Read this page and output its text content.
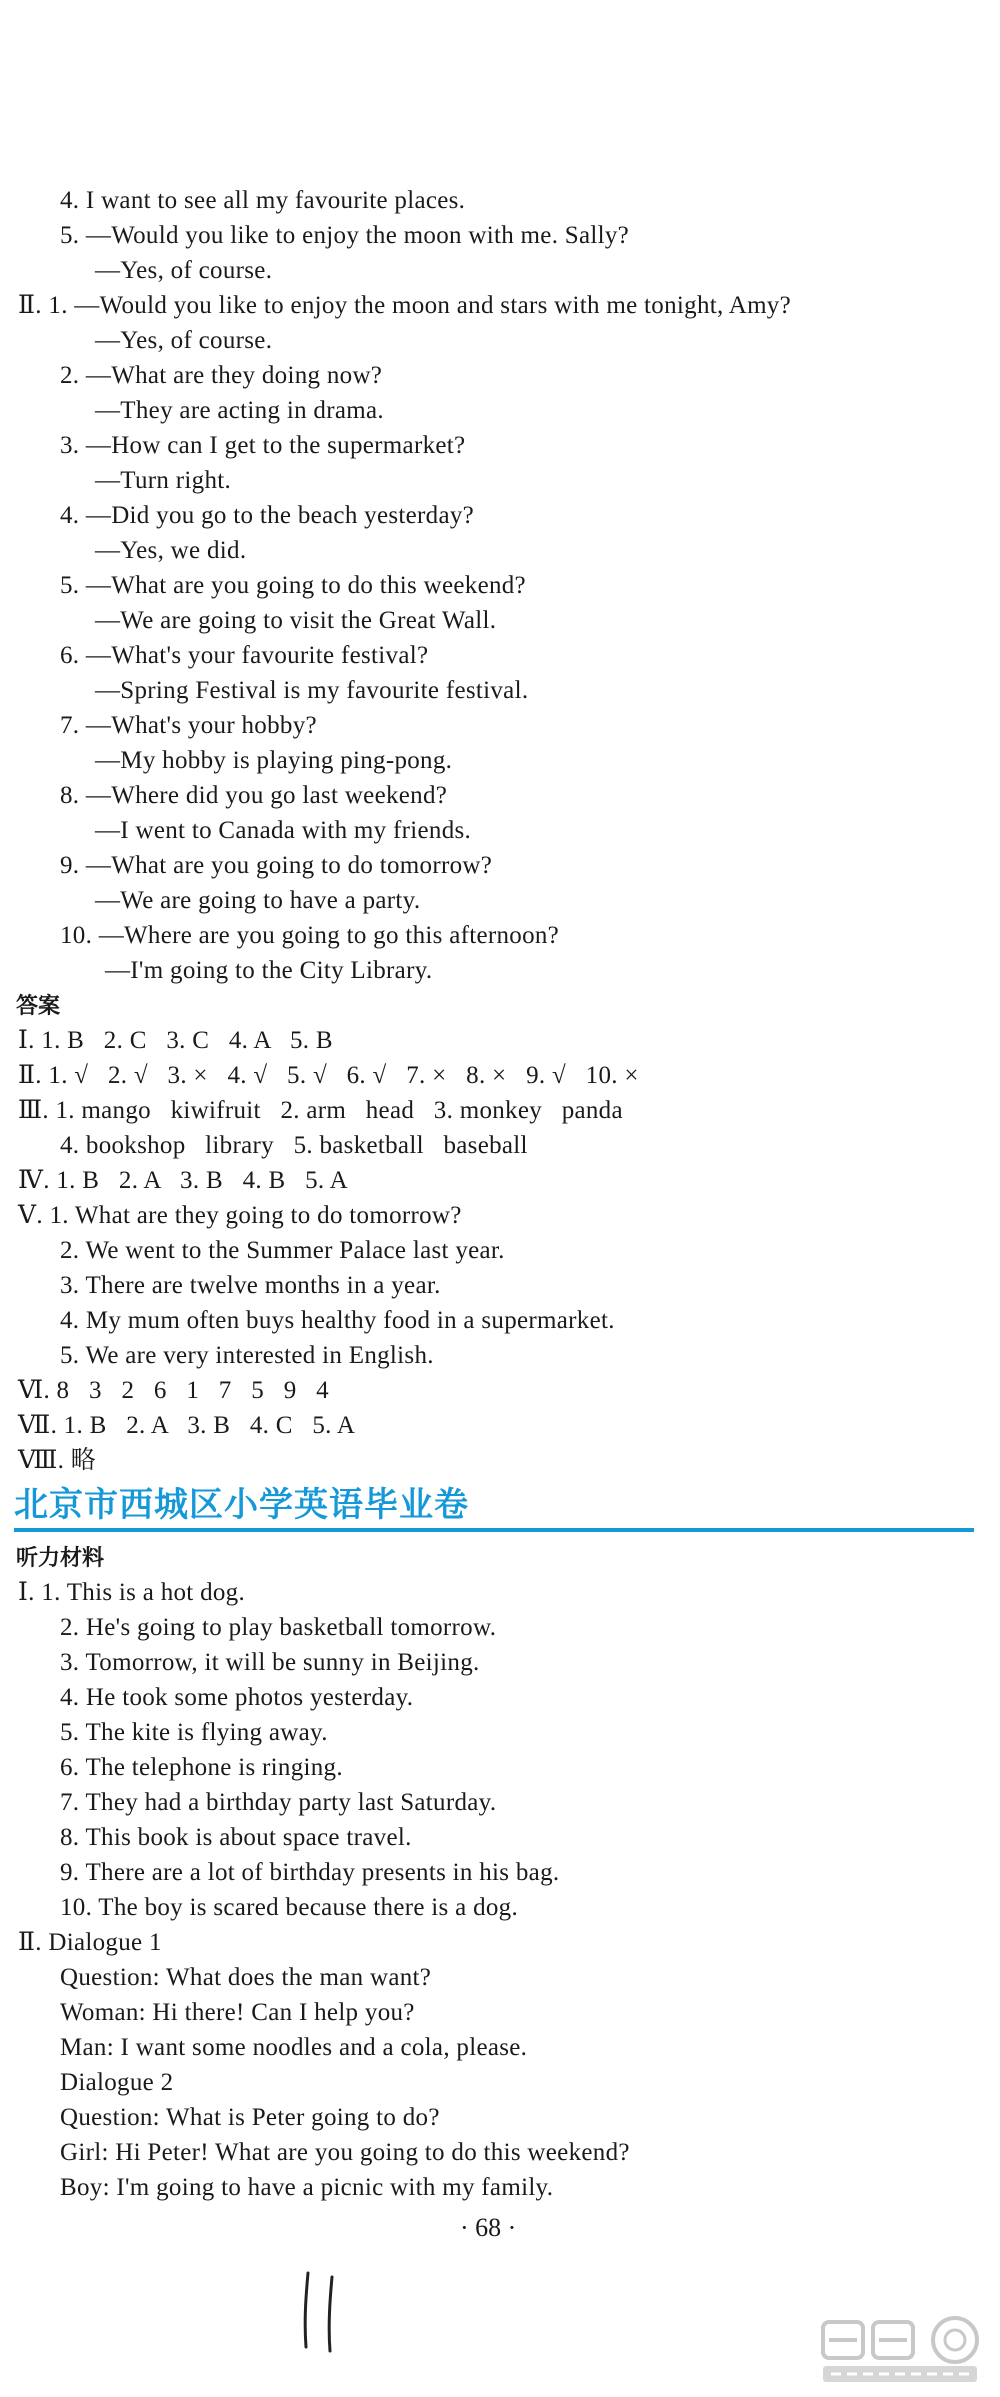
4. I want to see all my favourite places.
5. —Would you like to enjoy the moon with me. Sally?
—Yes, of course.
Ⅱ. 1. —Would you like to enjoy the moon and stars with me tonight, Amy?
—Yes, of course.
2. —What are they doing now?
—They are acting in drama.
3. —How can I get to the supermarket?
—Turn right.
4. —Did you go to the beach yesterday?
—Yes, we did.
5. —What are you going to do this weekend?
—We are going to visit the Great Wall.
6. —What's your favourite festival?
—Spring Festival is my favourite festival.
7. —What's your hobby?
—My hobby is playing ping-pong.
8. —Where did you go last weekend?
—I went to Canada with my friends.
9. —What are you going to do tomorrow?
—We are going to have a party.
10. —Where are you going to go this afternoon?
—I'm going to the City Library.
答案
Ⅰ. 1. B   2. C   3. C   4. A   5. B
Ⅱ. 1. √   2. √   3. ×   4. √   5. √   6. √   7. ×   8. ×   9. √   10. ×
Ⅲ. 1. mango   kiwifruit   2. arm   head   3. monkey   panda
4. bookshop   library   5. basketball   baseball
Ⅳ. 1. B   2. A   3. B   4. B   5. A
Ⅴ. 1. What are they going to do tomorrow?
2. We went to the Summer Palace last year.
3. There are twelve months in a year.
4. My mum often buys healthy food in a supermarket.
5. We are very interested in English.
Ⅵ. 8   3   2   6   1   7   5   9   4
Ⅶ. 1. B   2. A   3. B   4. C   5. A
Ⅷ. 略
北京市西城区小学英语毕业卷
听力材料
Ⅰ. 1. This is a hot dog.
2. He's going to play basketball tomorrow.
3. Tomorrow, it will be sunny in Beijing.
4. He took some photos yesterday.
5. The kite is flying away.
6. The telephone is ringing.
7. They had a birthday party last Saturday.
8. This book is about space travel.
9. There are a lot of birthday presents in his bag.
10. The boy is scared because there is a dog.
Ⅱ. Dialogue 1
Question: What does the man want?
Woman: Hi there! Can I help you?
Man: I want some noodles and a cola, please.
Dialogue 2
Question: What is Peter going to do?
Girl: Hi Peter! What are you going to do this weekend?
Boy: I'm going to have a picnic with my family.
· 68 ·
